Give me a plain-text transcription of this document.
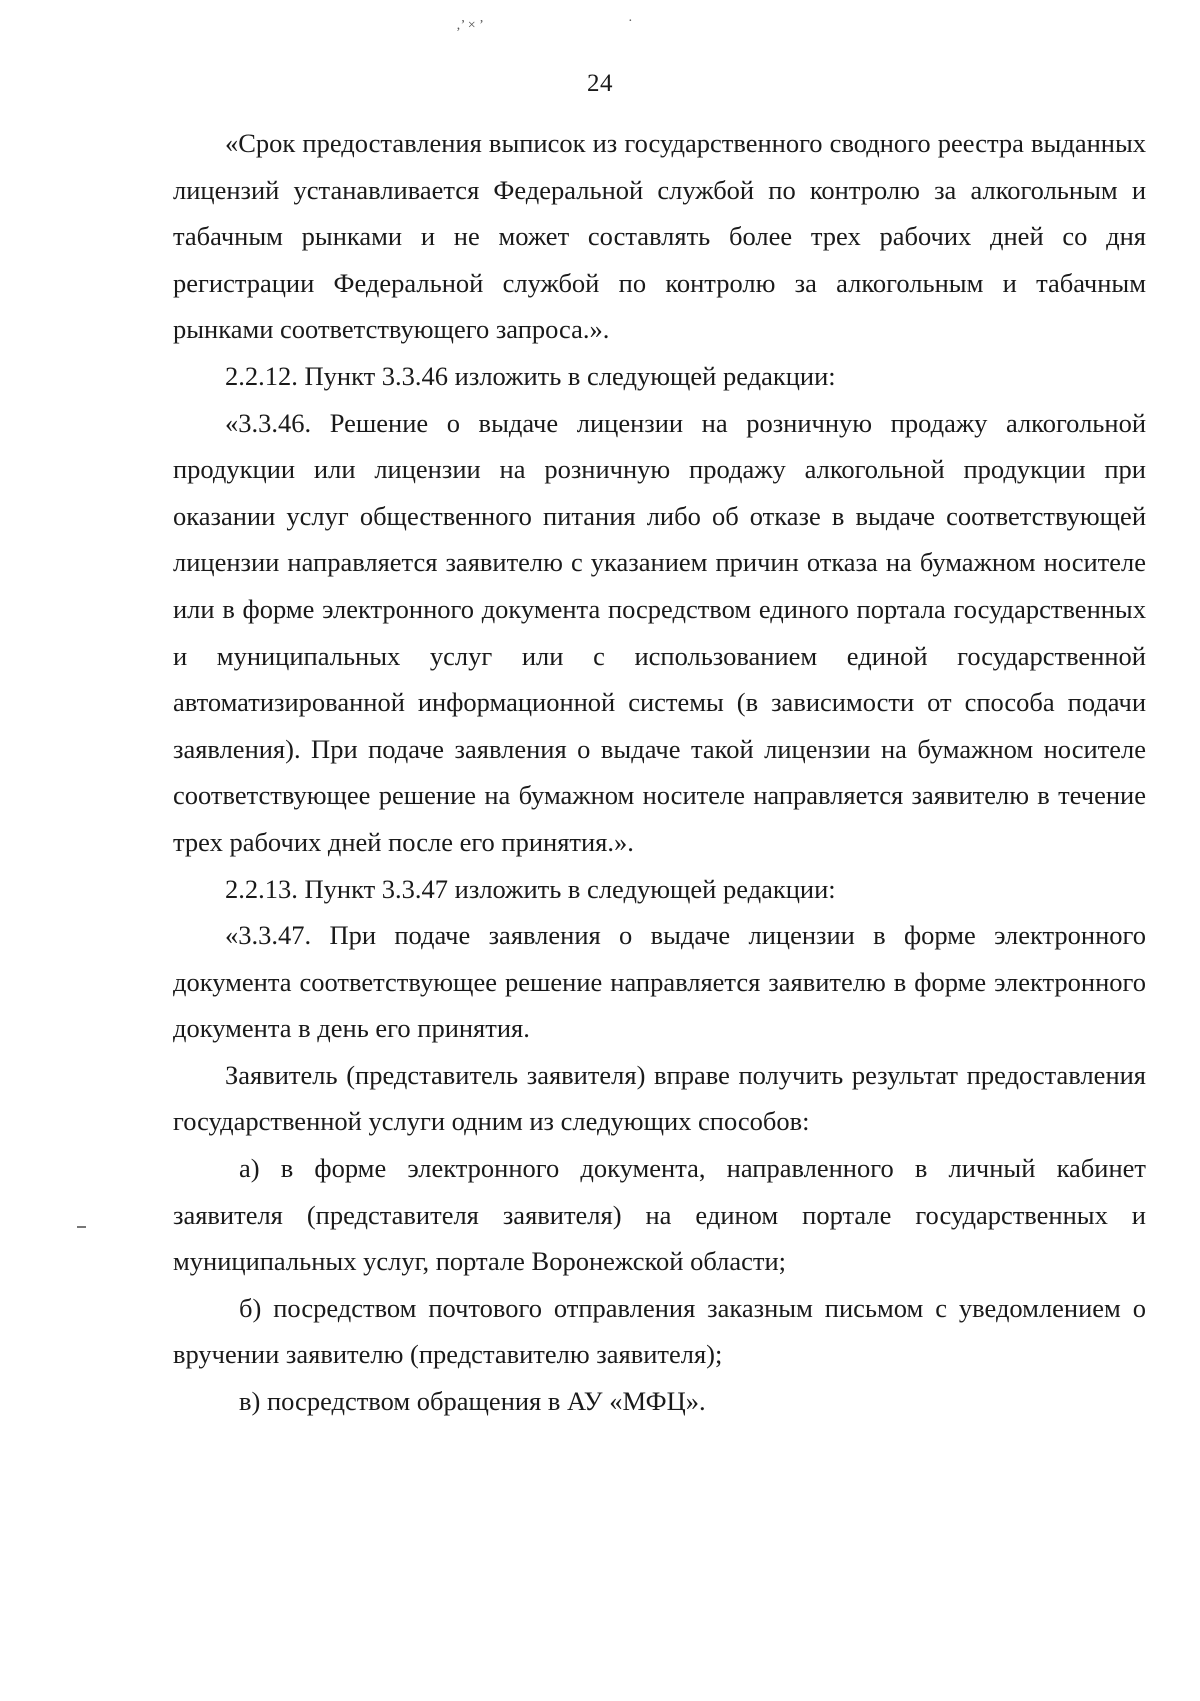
‚’ × ’	·
24

«Срок предоставления выписок из государственного сводного реестра выданных лицензий устанавливается Федеральной службой по контролю за алкогольным и табачным рынками и не может составлять более трех рабочих дней со дня регистрации Федеральной службой по контролю за алкогольным и табачным рынками соответствующего запроса.».

2.2.12. Пункт 3.3.46 изложить в следующей редакции:

«3.3.46. Решение о выдаче лицензии на розничную продажу алкогольной продукции или лицензии на розничную продажу алкогольной продукции при оказании услуг общественного питания либо об отказе в выдаче соответствующей лицензии направляется заявителю с указанием причин отказа на бумажном носителе или в форме электронного документа посредством единого портала государственных и муниципальных услуг или с использованием единой государственной автоматизированной информационной системы (в зависимости от способа подачи заявления). При подаче заявления о выдаче такой лицензии на бумажном носителе соответствующее решение на бумажном носителе направляется заявителю в течение трех рабочих дней после его принятия.».

2.2.13. Пункт 3.3.47 изложить в следующей редакции:

«3.3.47. При подаче заявления о выдаче лицензии в форме электронного документа соответствующее решение направляется заявителю в форме электронного документа в день его принятия.

Заявитель (представитель заявителя) вправе получить результат предоставления государственной услуги одним из следующих способов:

а) в форме электронного документа, направленного в личный кабинет заявителя (представителя заявителя) на едином портале государственных и муниципальных услуг, портале Воронежской области;

б) посредством почтового отправления заказным письмом с уведомлением о вручении заявителю (представителю заявителя);

в) посредством обращения в АУ «МФЦ».
